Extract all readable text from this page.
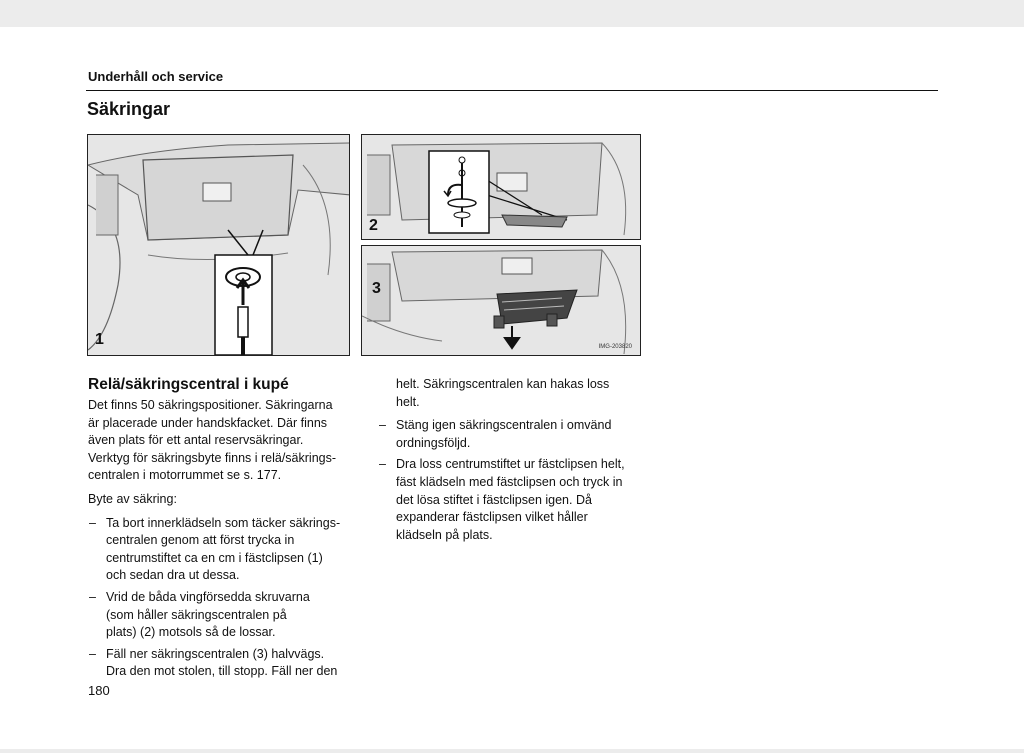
Underhåll och service
Säkringar
1
2
3
IMG-203820
Relä/säkringscentral i kupé

Det finns 50 säkringspositioner. Säkringarna
är placerade under handskfacket. Där finns
även plats för ett antal reservsäkringar.
Verktyg för säkringsbyte finns i relä/säkrings-
centralen i motorrummet se s. 177.

Byte av säkring:

– Ta bort innerklädseln som täcker säkrings-
centralen genom att först trycka in
centrumstiftet ca en cm i fästclipsen (1)
och sedan dra ut dessa.
– Vrid de båda vingförsedda skruvarna
(som håller säkringscentralen på
plats) (2) motsols så de lossar.
– Fäll ner säkringscentralen (3) halvvägs.
Dra den mot stolen, till stopp. Fäll ner den

helt. Säkringscentralen kan hakas loss
helt.

– Stäng igen säkringscentralen i omvänd
ordningsföljd.
– Dra loss centrumstiftet ur fästclipsen helt,
fäst klädseln med fästclipsen och tryck in
det lösa stiftet i fästclipsen igen. Då
expanderar fästclipsen vilket håller
klädseln på plats.
180
